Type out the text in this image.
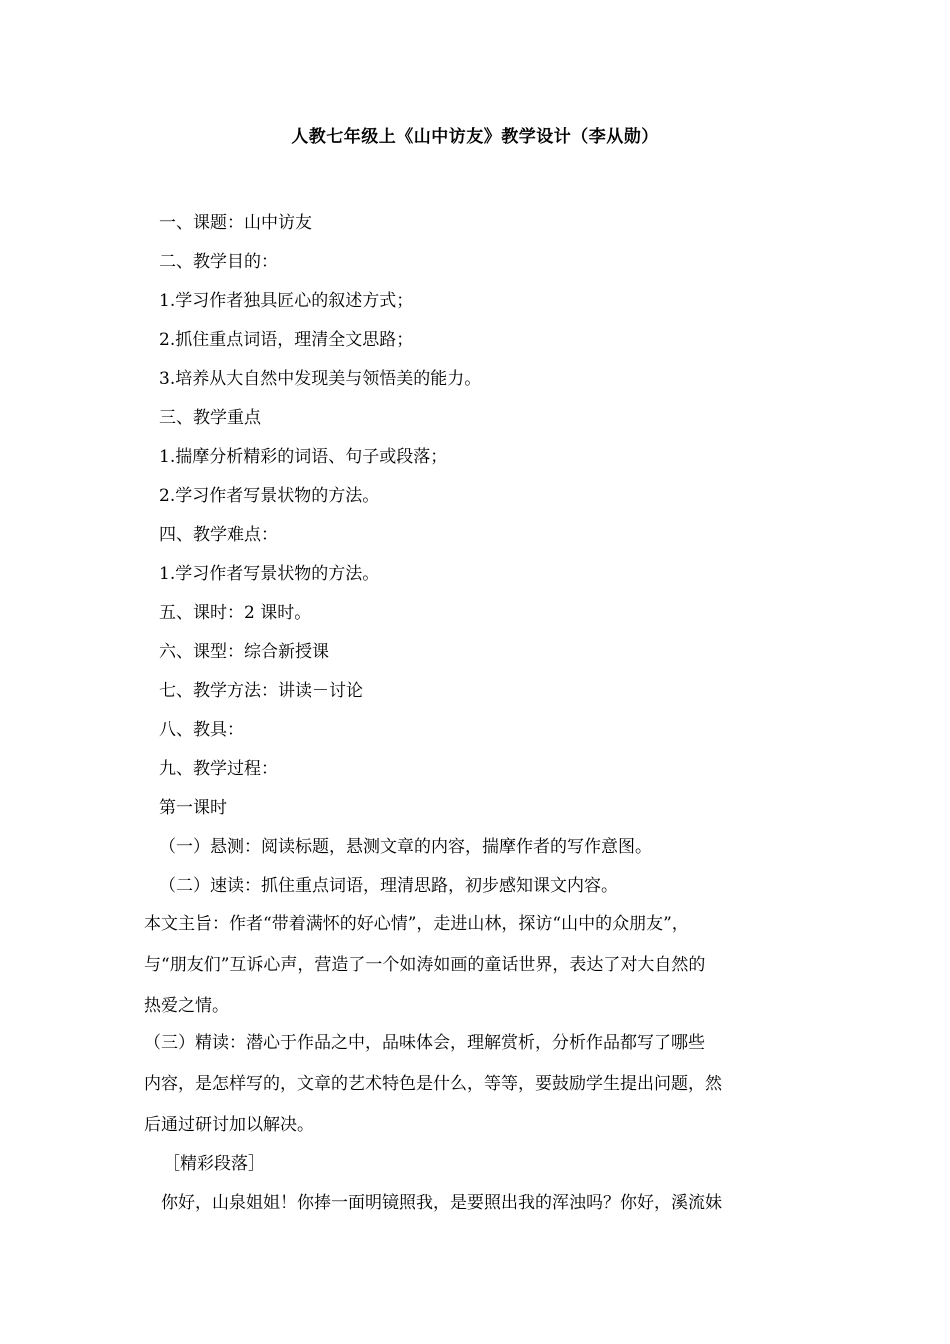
人教七年级上《山中访友》教学设计（李从勋）
一、课题：山中访友
二、教学目的：
1.学习作者独具匠心的叙述方式；
2.抓住重点词语，理清全文思路；
3.培养从大自然中发现美与领悟美的能力。
三、教学重点
1.揣摩分析精彩的词语、句子或段落；
2.学习作者写景状物的方法。
四、教学难点：
1.学习作者写景状物的方法。
五、课时：2 课时。
六、课型：综合新授课
七、教学方法：讲读－讨论
八、教具：
九、教学过程：
第一课时
（一）悬测：阅读标题，悬测文章的内容，揣摩作者的写作意图。
（二）速读：抓住重点词语，理清思路，初步感知课文内容。
本文主旨：作者“带着满怀的好心情”，走进山林，探访“山中的众朋友”，
与“朋友们”互诉心声，营造了一个如涛如画的童话世界，表达了对大自然的
热爱之情。
（三）精读：潜心于作品之中，品味体会，理解赏析，分析作品都写了哪些
内容，是怎样写的，文章的艺术特色是什么，等等，要鼓励学生提出问题，然
后通过研讨加以解决。
［精彩段落］
你好，山泉姐姐！你捧一面明镜照我，是要照出我的浑浊吗？你好，溪流妹
